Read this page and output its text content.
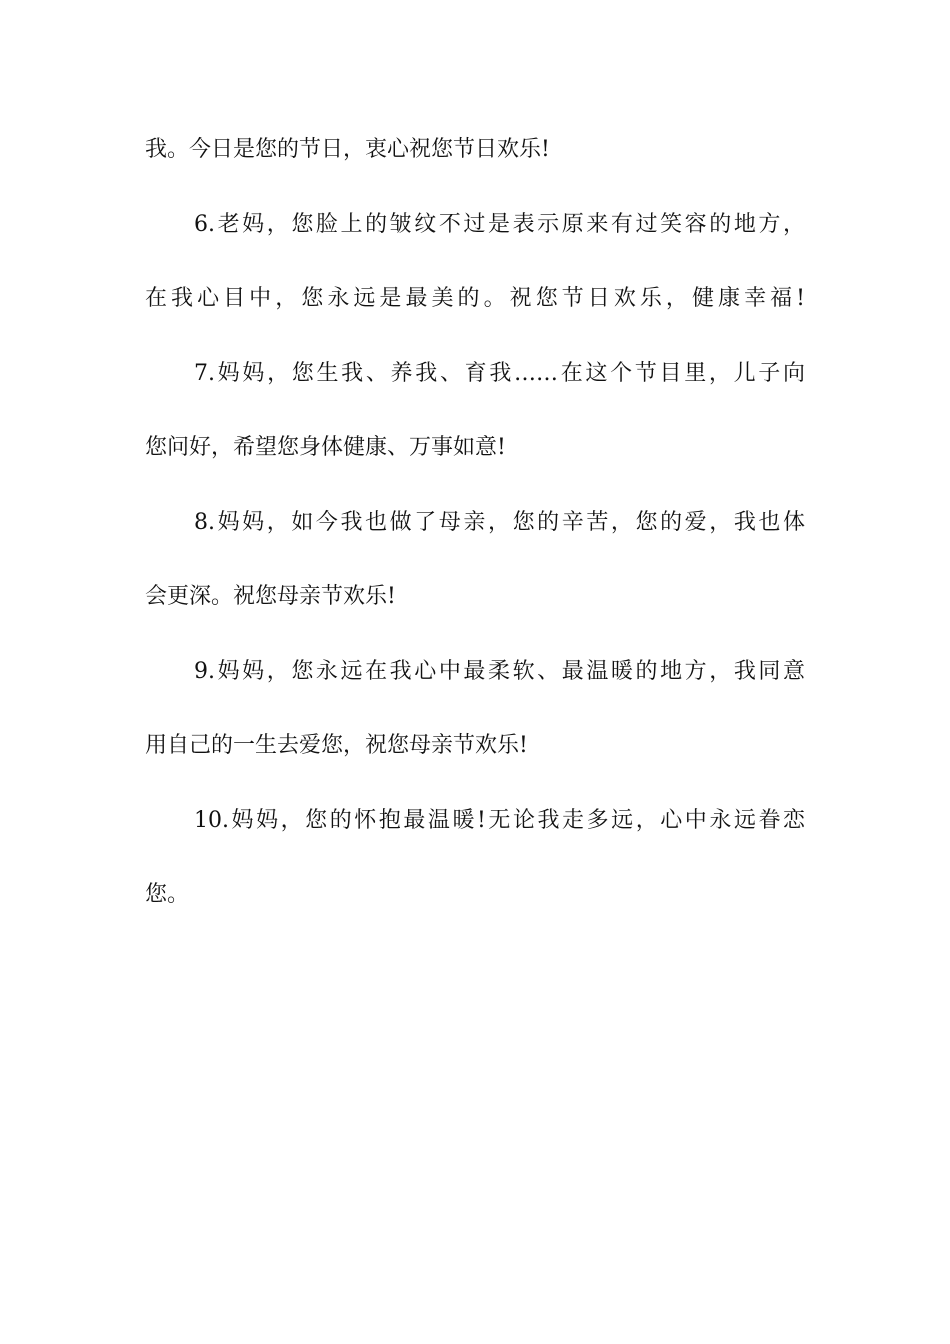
我。今日是您的节日，衷心祝您节日欢乐!
6.老妈，您脸上的皱纹不过是表示原来有过笑容的地方，
在我心目中，您永远是最美的。祝您节日欢乐，健康幸福!
7.妈妈，您生我、养我、育我……在这个节目里，儿子向
您问好，希望您身体健康、万事如意!
8.妈妈，如今我也做了母亲，您的辛苦，您的爱，我也体
会更深。祝您母亲节欢乐!
9.妈妈，您永远在我心中最柔软、最温暖的地方，我同意
用自己的一生去爱您，祝您母亲节欢乐!
10.妈妈，您的怀抱最温暖!无论我走多远，心中永远眷恋
您。
